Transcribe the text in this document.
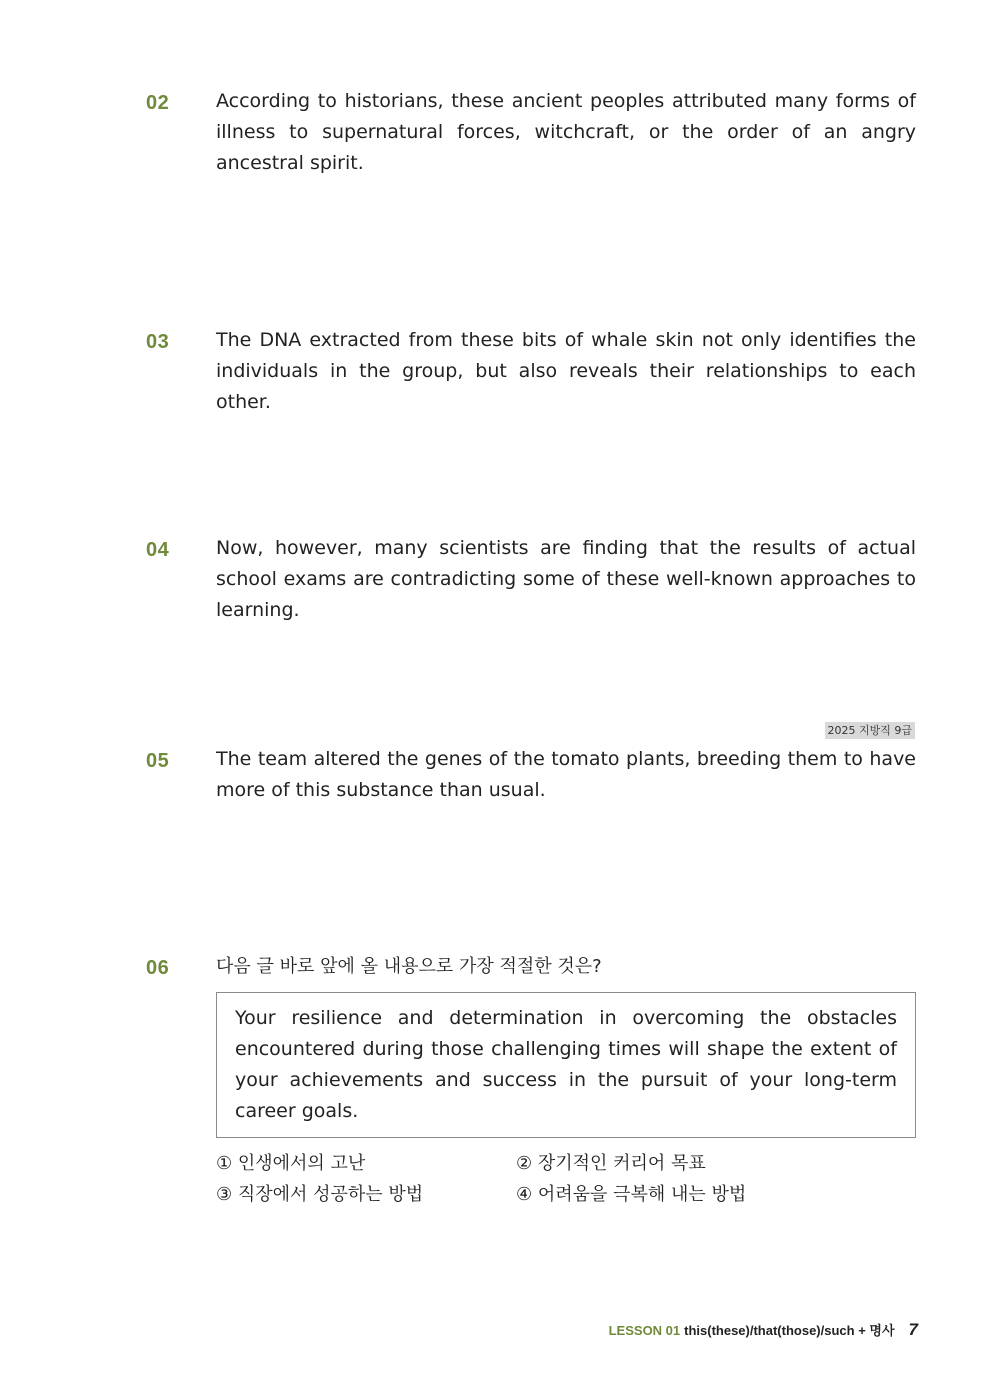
02 According to historians, these ancient peoples attributed many forms of illness to supernatural forces, witchcraft, or the order of an angry ancestral spirit.

03 The DNA extracted from these bits of whale skin not only identifies the individuals in the group, but also reveals their relationships to each other.

04 Now, however, many scientists are finding that the results of actual school exams are contradicting some of these well-known approaches to learning.

2025 지방직 9급
05 The team altered the genes of the tomato plants, breeding them to have more of this substance than usual.

06	다음 글 바로 앞에 올 내용으로 가장 적절한 것은?

Your resilience and determination in overcoming the obstacles encountered during those challenging times will shape the extent of your achievements and success in the pursuit of your long-term career goals.
① 인생에서의 고난	② 장기적인 커리어 목표
③ 직장에서 성공하는 방법	④ 어려움을 극복해 내는 방법
LESSON 01 this(these)/that(those)/such + 명사 7
